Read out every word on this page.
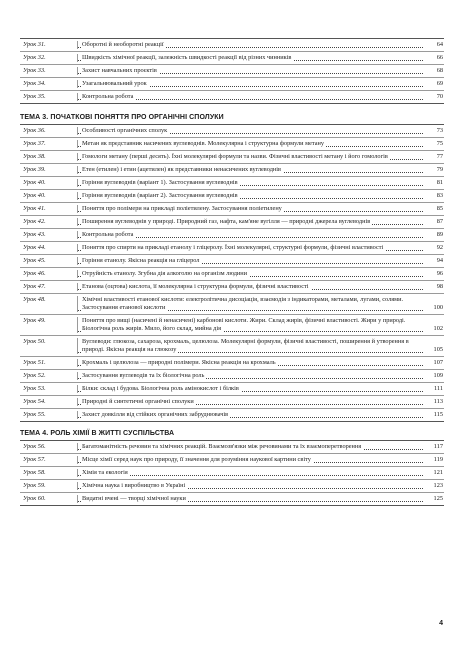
Урок 31.	Оборотні й необоротні реакції	64
Урок 32.	Швидкість хімічної реакції, залежність швидкості реакції від різних чинників	66
Урок 33.	Захист навчальних проєктів	68
Урок 34.	Узагальнювальний урок	69
Урок 35.	Контрольна робота	70
ТЕМА 3. ПОЧАТКОВІ ПОНЯТТЯ ПРО ОРГАНІЧНІ СПОЛУКИ
Урок 36.	Особливості органічних сполук	73
Урок 37.	Метан як представник насичених вуглеводнів. Молекулярна і структурна формули метану	75
Урок 38.	Гомологи метану (перші десять). Їхні молекулярні формули та назви. Фізичні властивості метану і його гомологів	77
Урок 39.	Етен (етилен) і етин (ацетилен) як представники ненасичених вуглеводнів	79
Урок 40.	Горіння вуглеводнів (варіант 1). Застосування вуглеводнів	81
Урок 40.	Горіння вуглеводнів (варіант 2). Застосування вуглеводнів	83
Урок 41.	Поняття про полімери на прикладі поліетилену. Застосування поліетилену	85
Урок 42.	Поширення вуглеводнів у природі. Природний газ, нафта, кам'яне вугілля — природні джерела вуглеводнів	87
Урок 43.	Контрольна робота	89
Урок 44.	Поняття про спирти на прикладі етанолу і гліцеролу. Їхні молекулярні, структурні формули, фізичні властивості	92
Урок 45.	Горіння етанолу. Якісна реакція на гліцерол	94
Урок 46.	Отруйність етанолу. Згубна дія алкоголю на організм людини	96
Урок 47.	Етанова (оцтова) кислота, її молекулярна і структурна формули, фізичні властивості	98
Урок 48.	Хімічні властивості етанової кислоти: електролітична дисоціація, взаємодія з індикаторами, металами, лугами, солями. Застосування етанової кислоти	100
Урок 49.	Поняття про вищі (насичені й ненасичені) карбонові кислоти. Жири. Склад жирів, фізичні властивості. Жири у природі. Біологічна роль жирів. Мило, його склад, мийна дія	102
Урок 50.	Вуглеводи: глюкоза, сахароза, крохмаль, целюлоза. Молекулярні формули, фізичні властивості, поширення й утворення в природі. Якісна реакція на глюкозу	105
Урок 51.	Крохмаль і целюлоза — природні полімери. Якісна реакція на крохмаль	107
Урок 52.	Застосування вуглеводів та їх біологічна роль	109
Урок 53.	Білки: склад і будова. Біологічна роль амінокислот і білків	111
Урок 54.	Природні й синтетичні органічні сполуки	113
Урок 55.	Захист довкілля від стійких органічних забруднювачів	115
ТЕМА 4. РОЛЬ ХІМІЇ В ЖИТТІ СУСПІЛЬСТВА
Урок 56.	Багатоманітність речовин та хімічних реакцій. Взаємозв'язки між речовинами та їх взаємоперетворення	117
Урок 57.	Місце хімії серед наук про природу, її значення для розуміння наукової картини світу	119
Урок 58.	Хімія та екологія	121
Урок 59.	Хімічна наука і виробництво в Україні	123
Урок 60.	Видатні вчені — творці хімічної науки	125
4
